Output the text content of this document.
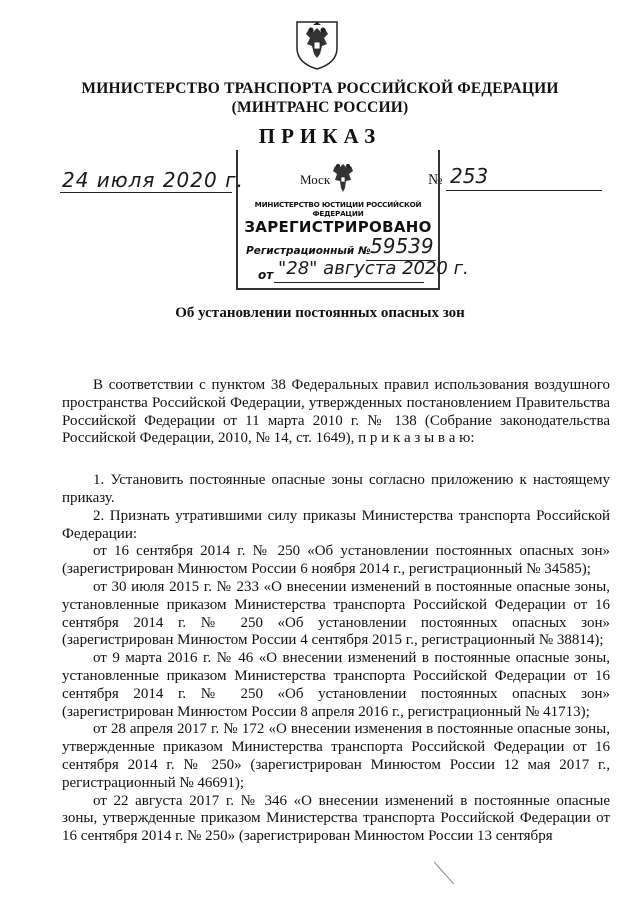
МИНИСТЕРСТВО ТРАНСПОРТА РОССИЙСКОЙ ФЕДЕРАЦИИ
(МИНТРАНС РОССИИ)
ПРИКАЗ
24 июля 2020 г.	№ 253
Моск
МИНИСТЕРСТВО ЮСТИЦИИ РОССИЙСКОЙ ФЕДЕРАЦИИ
ЗАРЕГИСТРИРОВАНО
Регистрационный № 59539
от "28" августа 2020 г.
Об установлении постоянных опасных зон

В соответствии с пунктом 38 Федеральных правил использования воздушного пространства Российской Федерации, утвержденных постановлением Правительства Российской Федерации от 11 марта 2010 г. № 138 (Собрание законодательства Российской Федерации, 2010, № 14, ст. 1649), п р и к а з ы в а ю:

1. Установить постоянные опасные зоны согласно приложению к настоящему приказу.

2. Признать утратившими силу приказы Министерства транспорта Российской Федерации:

от 16 сентября 2014 г. № 250 «Об установлении постоянных опасных зон» (зарегистрирован Минюстом России 6 ноября 2014 г., регистрационный № 34585);

от 30 июля 2015 г. № 233 «О внесении изменений в постоянные опасные зоны, установленные приказом Министерства транспорта Российской Федерации от 16 сентября 2014 г. № 250 «Об установлении постоянных опасных зон» (зарегистрирован Минюстом России 4 сентября 2015 г., регистрационный № 38814);

от 9 марта 2016 г. № 46 «О внесении изменений в постоянные опасные зоны, установленные приказом Министерства транспорта Российской Федерации от 16 сентября 2014 г. № 250 «Об установлении постоянных опасных зон» (зарегистрирован Минюстом России 8 апреля 2016 г., регистрационный № 41713);

от 28 апреля 2017 г. № 172 «О внесении изменения в постоянные опасные зоны, утвержденные приказом Министерства транспорта Российской Федерации от 16 сентября 2014 г. № 250» (зарегистрирован Минюстом России 12 мая 2017 г., регистрационный № 46691);

от 22 августа 2017 г. № 346 «О внесении изменений в постоянные опасные зоны, утвержденные приказом Министерства транспорта Российской Федерации от 16 сентября 2014 г. № 250» (зарегистрирован Минюстом России 13 сентября
